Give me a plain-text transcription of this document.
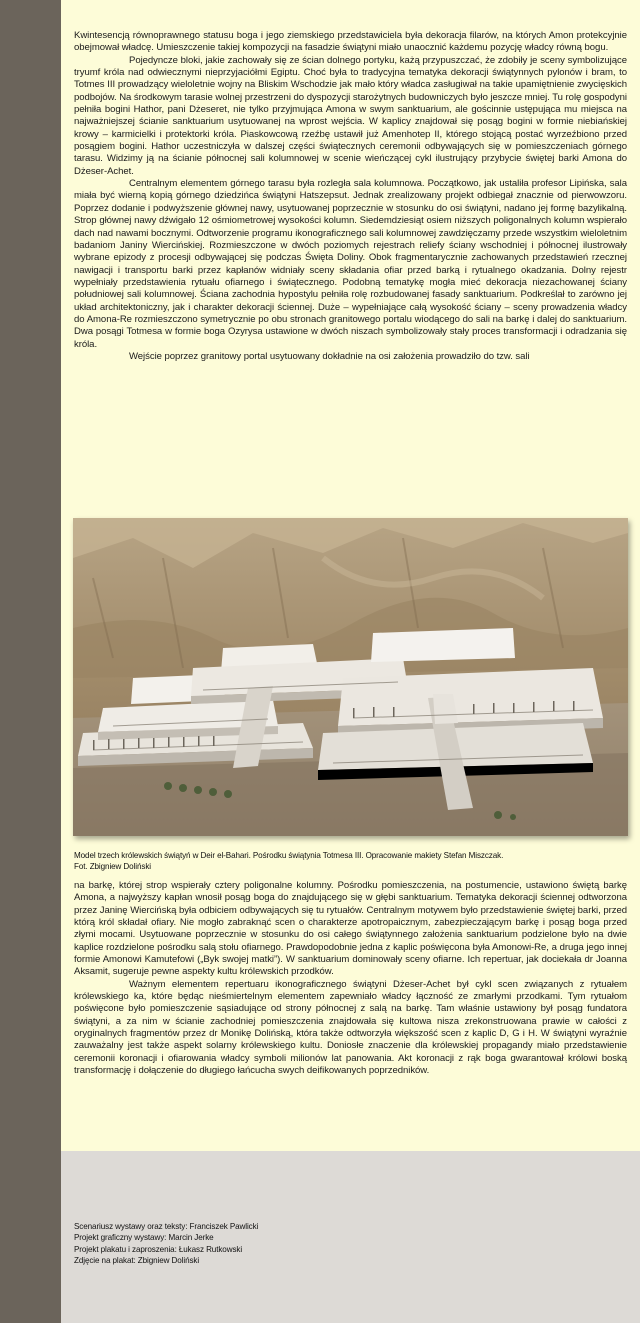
Kwintesencją równoprawnego statusu boga i jego ziemskiego przedstawiciela była dekoracja filarów, na których Amon protekcyjnie obejmował władcę. Umieszczenie takiej kompozycji na fasadzie świątyni miało unaocznić każdemu pozycję władcy równą bogu.

Pojedyncze bloki, jakie zachowały się ze ścian dolnego portyku, każą przypuszczać, że zdobiły je sceny symbolizujące tryumf króla nad odwiecznymi nieprzyjaciółmi Egiptu. Choć była to tradycyjna tematyka dekoracji świątynnych pylonów i bram, to Totmes III prowadzący wieloletnie wojny na Bliskim Wschodzie jak mało który władca zasługiwał na takie upamiętnienie zwycięskich podbojów. Na środkowym tarasie wolnej przestrzeni do dyspozycji starożytnych budowniczych było jeszcze mniej. Tu rolę gospodyni pełniła bogini Hathor, pani Dżeseret, nie tylko przyjmująca Amona w swym sanktuarium, ale gościnnie ustępująca mu miejsca na najważniejszej ścianie sanktuarium usytuowanej na wprost wejścia. W kaplicy znajdował się posąg bogini w formie niebiańskiej krowy – karmicielki i protektorki króla. Piaskowcową rzeźbę ustawił już Amenhotep II, którego stojącą postać wyrzeźbiono przed posągiem bogini. Hathor uczestniczyła w dalszej części świątecznych ceremonii odbywających się w pomieszczeniach górnego tarasu. Widzimy ją na ścianie północnej sali kolumnowej w scenie wieńczącej cykl ilustrujący przybycie świętej barki Amona do Dżeser-Achet.

Centralnym elementem górnego tarasu była rozległa sala kolumnowa. Początkowo, jak ustaliła profesor Lipińska, sala miała być wierną kopią górnego dziedzińca świątyni Hatszepsut. Jednak zrealizowany projekt odbiegał znacznie od pierwowzoru. Poprzez dodanie i podwyższenie głównej nawy, usytuowanej poprzecznie w stosunku do osi świątyni, nadano jej formę bazylikalną. Strop głównej nawy dźwigało 12 ośmiometrowej wysokości kolumn. Siedemdziesiąt osiem niższych poligonalnych kolumn wspierało dach nad nawami bocznymi. Odtworzenie programu ikonograficznego sali kolumnowej zawdzięczamy przede wszystkim wieloletnim badaniom Janiny Wiercińskiej. Rozmieszczone w dwóch poziomych rejestrach reliefy ściany wschodniej i północnej ilustrowały wybrane epizody z procesji odbywającej się podczas Święta Doliny. Obok fragmentarycznie zachowanych przedstawień rzecznej nawigacji i transportu barki przez kapłanów widniały sceny składania ofiar przed barką i rytualnego okadzania. Dolny rejestr wypełniały przedstawienia rytuału ofiarnego i świątecznego. Podobną tematykę mogła mieć dekoracja niezachowanej ściany południowej sali kolumnowej. Ściana zachodnia hypostylu pełniła rolę rozbudowanej fasady sanktuarium. Podkreślał to zarówno jej układ architektoniczny, jak i charakter dekoracji ściennej. Duże – wypełniające całą wysokość ściany – sceny prowadzenia władcy do Amona-Re rozmieszczono symetrycznie po obu stronach granitowego portalu wiodącego do sali na barkę i dalej do sanktuarium. Dwa posągi Totmesa w formie boga Ozyrysa ustawione w dwóch niszach symbolizowały stały proces transformacji i odradzania się króla.

Wejście poprzez granitowy portal usytuowany dokładnie na osi założenia prowadziło do tzw. sali

na barkę, której strop wspierały cztery poligonalne kolumny. Pośrodku pomieszczenia, na postumencie, ustawiono świętą barkę Amona, a najwyższy kapłan wnosił posąg boga do znajdującego się w głębi sanktuarium. Tematyka dekoracji ściennej odtworzona przez Janinę Wiercińską była odbiciem odbywających się tu rytuałów. Centralnym motywem było przedstawienie świętej barki, przed którą król składał ofiary. Nie mogło zabraknąć scen o charakterze apotropaicznym, zabezpieczającym barkę i posąg boga przed złymi mocami. Usytuowane poprzecznie w stosunku do osi całego świątynnego założenia sanktuarium podzielone było na dwie kaplice rozdzielone pośrodku salą stołu ofiarnego. Prawdopodobnie jedna z kaplic poświęcona była Amonowi-Re, a druga jego innej formie Amonowi Kamutefowi („Byk swojej matki”). W sanktuarium dominowały sceny ofiarne. Ich repertuar, jak dociekała dr Joanna Aksamit, sugeruje pewne aspekty kultu królewskich przodków.

Ważnym elementem repertuaru ikonograficznego świątyni Dżeser-Achet był cykl scen związanych z rytuałem królewskiego ka, które będąc nieśmiertelnym elementem zapewniało władcy łączność ze zmarłymi przodkami. Tym rytuałom poświęcone było pomieszczenie sąsiadujące od strony północnej z salą na barkę. Tam właśnie ustawiony był posąg fundatora świątyni, a za nim w ścianie zachodniej pomieszczenia znajdowała się kultowa nisza zrekonstruowana prawie w całości z oryginalnych fragmentów przez dr Monikę Dolińską, która także odtworzyła większość scen z kaplic D, G i H. W świątyni wyraźnie zauważalny jest także aspekt solarny królewskiego kultu. Doniosłe znaczenie dla królewskiej propagandy miało przedstawienie ceremonii koronacji i ofiarowania władcy symboli milionów lat panowania. Akt koronacji z rąk boga gwarantował królowi boską transformację i dołączenie do długiego łańcucha swych deifikowanych poprzedników.

Model trzech królewskich świątyń w Deir el-Bahari. Pośrodku świątynia Totmesa III. Opracowanie makiety Stefan Miszczak.
Fot. Zbigniew Doliński
Scenariusz wystawy oraz teksty: Franciszek Pawlicki
Projekt graficzny wystawy: Marcin Jerke
Projekt plakatu i zaproszenia: Łukasz Rutkowski
Zdjęcie na plakat: Zbigniew Doliński
